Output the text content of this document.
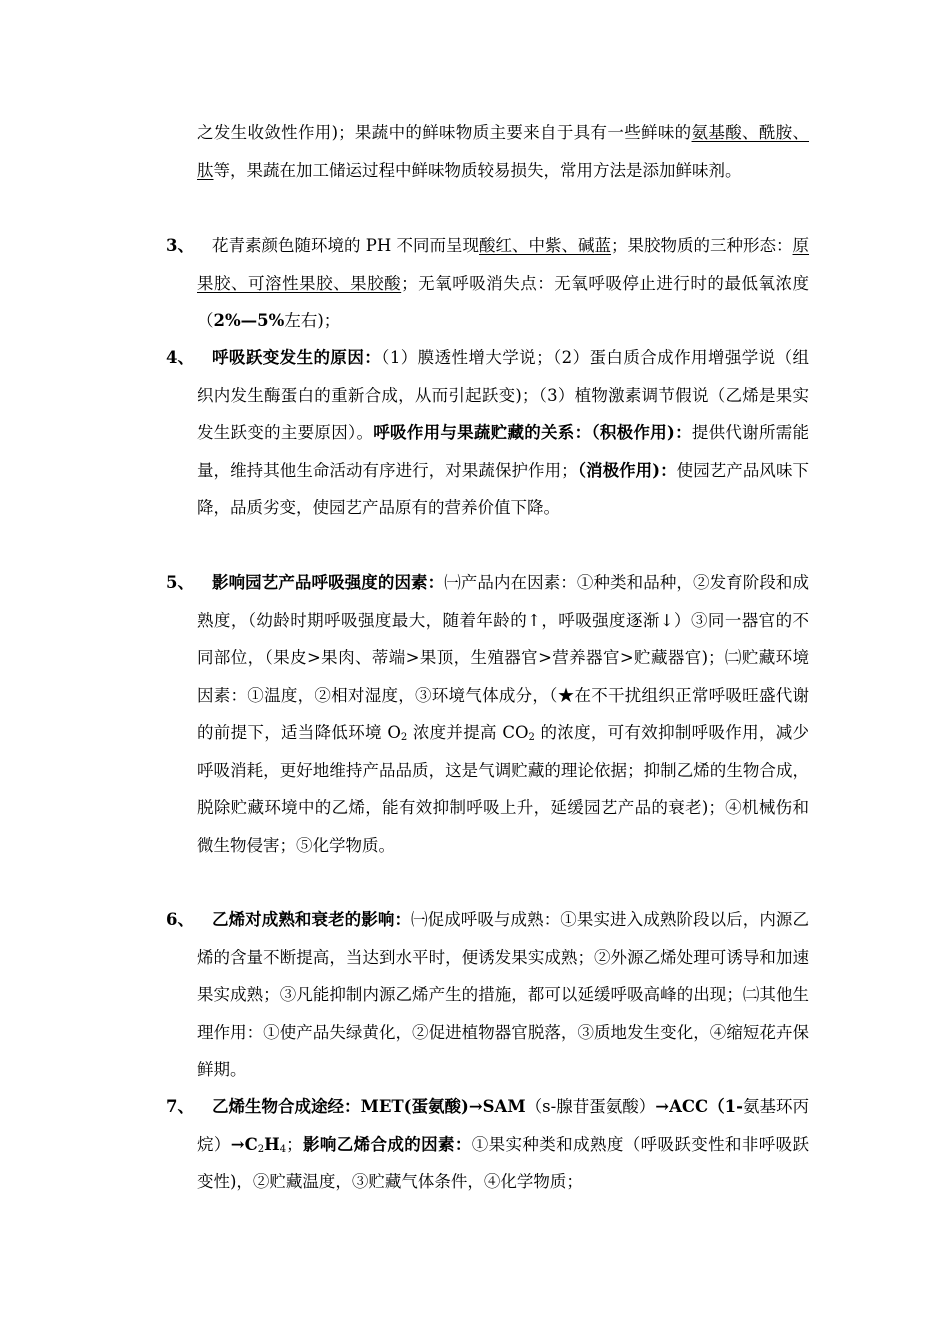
之发生收敛性作用)；果蔬中的鲜味物质主要来自于具有一些鲜味的氨基酸、酰胺、肽等，果蔬在加工储运过程中鲜味物质较易损失，常用方法是添加鲜味剂。
3、	花青素颜色随环境的 PH 不同而呈现酸红、中紫、碱蓝；果胶物质的三种形态：原果胶、可溶性果胶、果胶酸；无氧呼吸消失点：无氧呼吸停止进行时的最低氧浓度（2%—5%左右)；
4、	呼吸跃变发生的原因：（1）膜透性增大学说；（2）蛋白质合成作用增强学说（组织内发生酶蛋白的重新合成，从而引起跃变)；（3）植物激素调节假说（乙烯是果实发生跃变的主要原因）。呼吸作用与果蔬贮藏的关系：（积极作用)：提供代谢所需能量，维持其他生命活动有序进行，对果蔬保护作用；（消极作用)：使园艺产品风味下降，品质劣变，使园艺产品原有的营养价值下降。
5、	影响园艺产品呼吸强度的因素：㈠产品内在因素：①种类和品种，②发育阶段和成熟度，（幼龄时期呼吸强度最大，随着年龄的↑，呼吸强度逐渐↓）③同一器官的不同部位，（果皮>果肉、蒂端>果顶，生殖器官>营养器官>贮藏器官)；㈡贮藏环境因素：①温度，②相对湿度，③环境气体成分，（★在不干扰组织正常呼吸旺盛代谢的前提下，适当降低环境 $O_2$ 浓度并提高 $CO_2$ 的浓度，可有效抑制呼吸作用，减少呼吸消耗，更好地维持产品品质，这是气调贮藏的理论依据；抑制乙烯的生物合成，脱除贮藏环境中的乙烯，能有效抑制呼吸上升，延缓园艺产品的衰老)；④机械伤和微生物侵害；⑤化学物质。
6、	乙烯对成熟和衰老的影响：㈠促成呼吸与成熟：①果实进入成熟阶段以后，内源乙烯的含量不断提高，当达到水平时，便诱发果实成熟；②外源乙烯处理可诱导和加速果实成熟；③凡能抑制内源乙烯产生的措施，都可以延缓呼吸高峰的出现；㈡其他生理作用：①使产品失绿黄化，②促进植物器官脱落，③质地发生变化，④缩短花卉保鲜期。
7、	乙烯生物合成途经：MET(蛋氨酸)→SAM（s-腺苷蛋氨酸）→ACC（1-氨基环丙烷）$\to C_2H_4$；影响乙烯合成的因素：①果实种类和成熟度（呼吸跃变性和非呼吸跃变性)，②贮藏温度，③贮藏气体条件，④化学物质；
